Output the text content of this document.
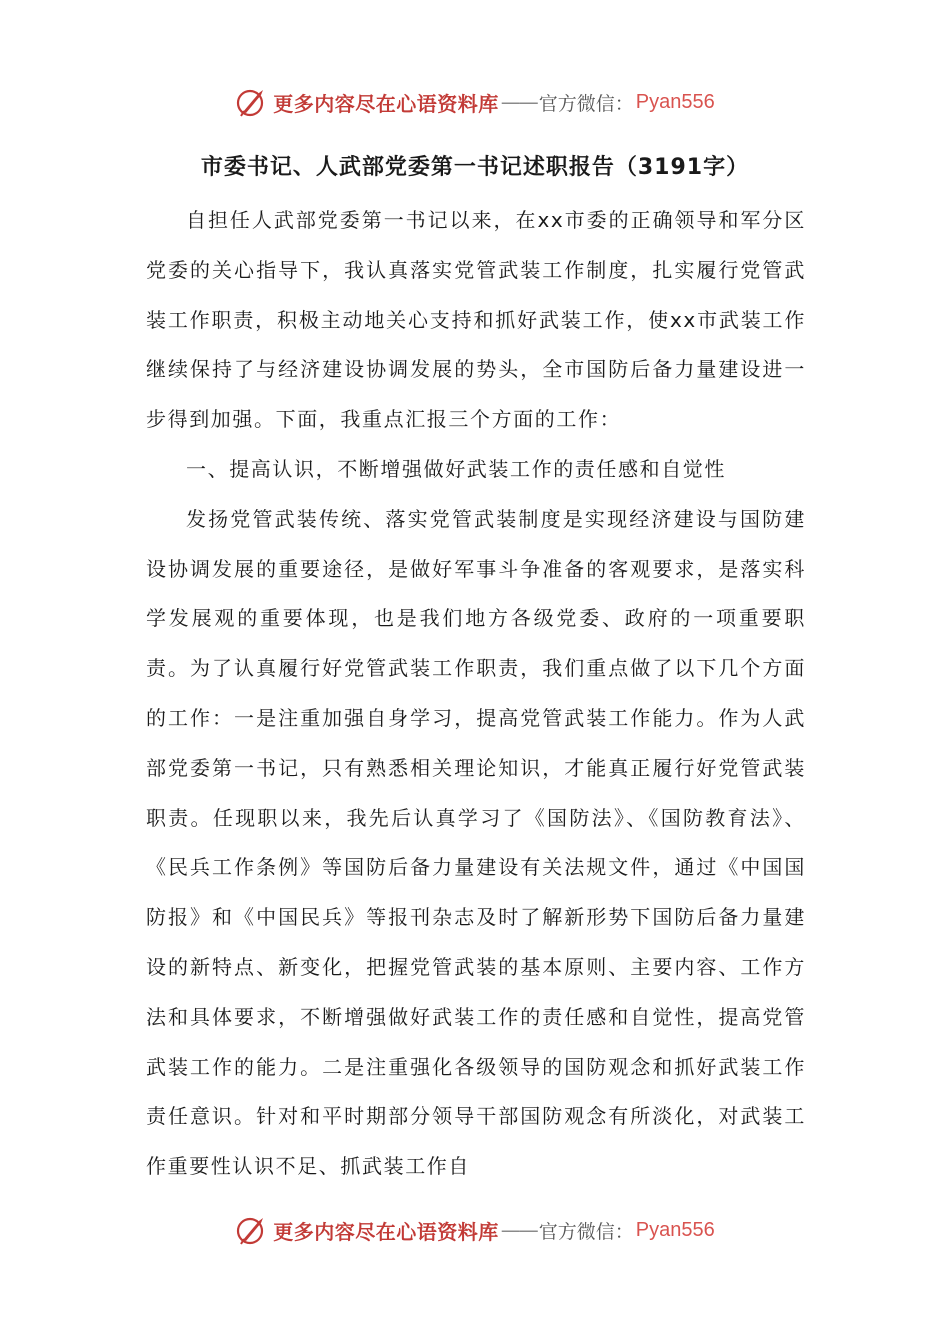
更多内容尽在心语资料库 —— 官方微信： Pyan556
市委书记、人武部党委第一书记述职报告（3191字）

自担任人武部党委第一书记以来，在xx市委的正确领导和军分区党委的关心指导下，我认真落实党管武装工作制度，扎实履行党管武装工作职责，积极主动地关心支持和抓好武装工作，使xx市武装工作继续保持了与经济建设协调发展的势头，全市国防后备力量建设进一步得到加强。下面，我重点汇报三个方面的工作：

一、提高认识，不断增强做好武装工作的责任感和自觉性

发扬党管武装传统、落实党管武装制度是实现经济建设与国防建设协调发展的重要途径，是做好军事斗争准备的客观要求，是落实科学发展观的重要体现，也是我们地方各级党委、政府的一项重要职责。为了认真履行好党管武装工作职责，我们重点做了以下几个方面的工作：一是注重加强自身学习，提高党管武装工作能力。作为人武部党委第一书记，只有熟悉相关理论知识，才能真正履行好党管武装职责。任现职以来，我先后认真学习了《国防法》、《国防教育法》、《民兵工作条例》等国防后备力量建设有关法规文件，通过《中国国防报》和《中国民兵》等报刊杂志及时了解新形势下国防后备力量建设的新特点、新变化，把握党管武装的基本原则、主要内容、工作方法和具体要求，不断增强做好武装工作的责任感和自觉性，提高党管武装工作的能力。二是注重强化各级领导的国防观念和抓好武装工作责任意识。针对和平时期部分领导干部国防观念有所淡化，对武装工作重要性认识不足、抓武装工作自

更多内容尽在心语资料库 —— 官方微信： Pyan556
